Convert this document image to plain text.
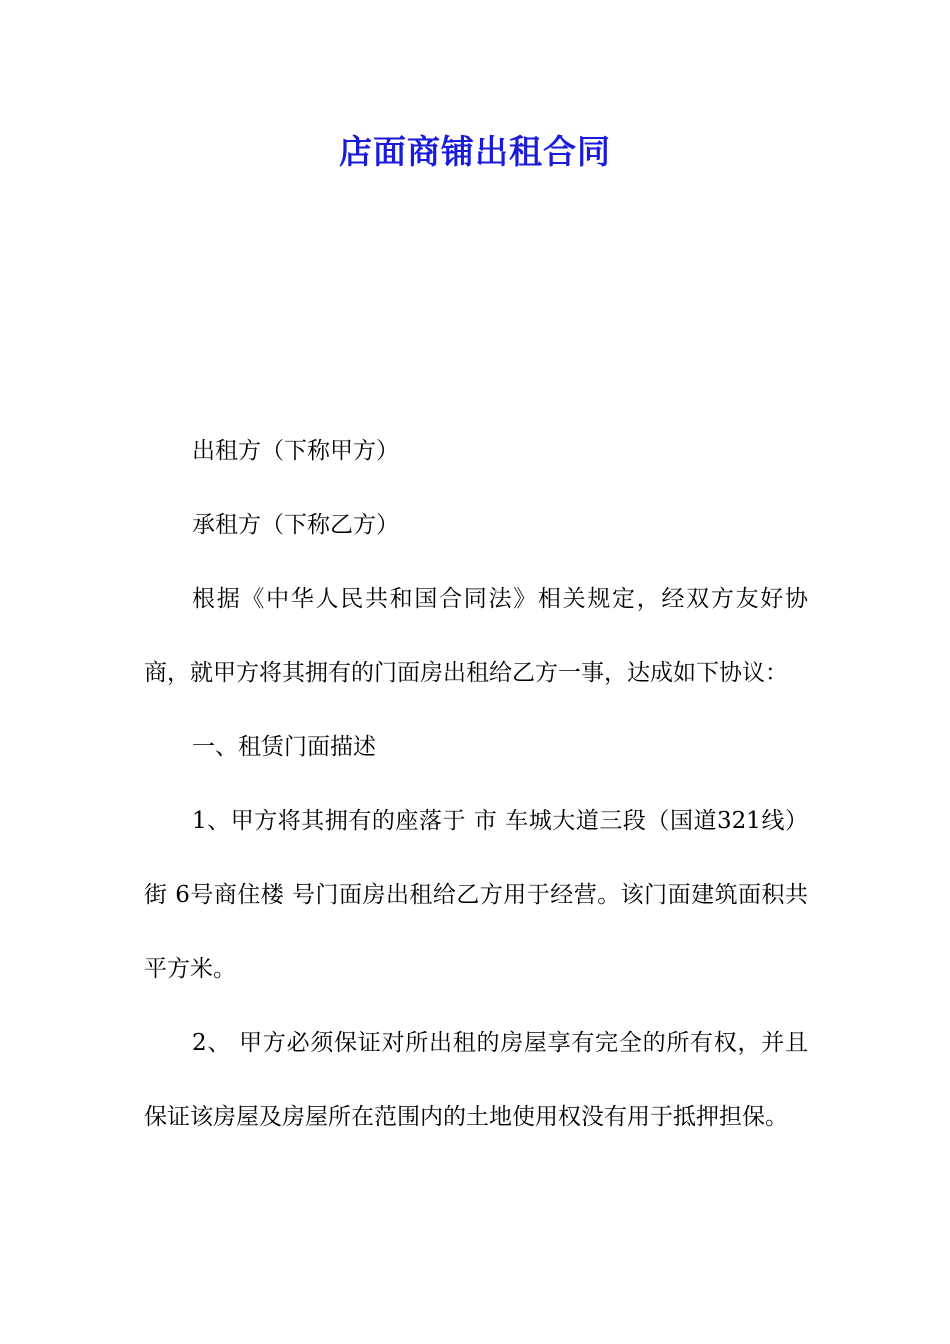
店面商铺出租合同

出租方（下称甲方）

承租方（下称乙方）

根据《中华人民共和国合同法》相关规定，经双方友好协商，就甲方将其拥有的门面房出租给乙方一事，达成如下协议：

一、租赁门面描述

1、甲方将其拥有的座落于 市 车城大道三段（国道321线） 街 6号商住楼 号门面房出租给乙方用于经营。该门面建筑面积共 平方米。

2、 甲方必须保证对所出租的房屋享有完全的所有权，并且保证该房屋及房屋所在范围内的土地使用权没有用于抵押担保。
